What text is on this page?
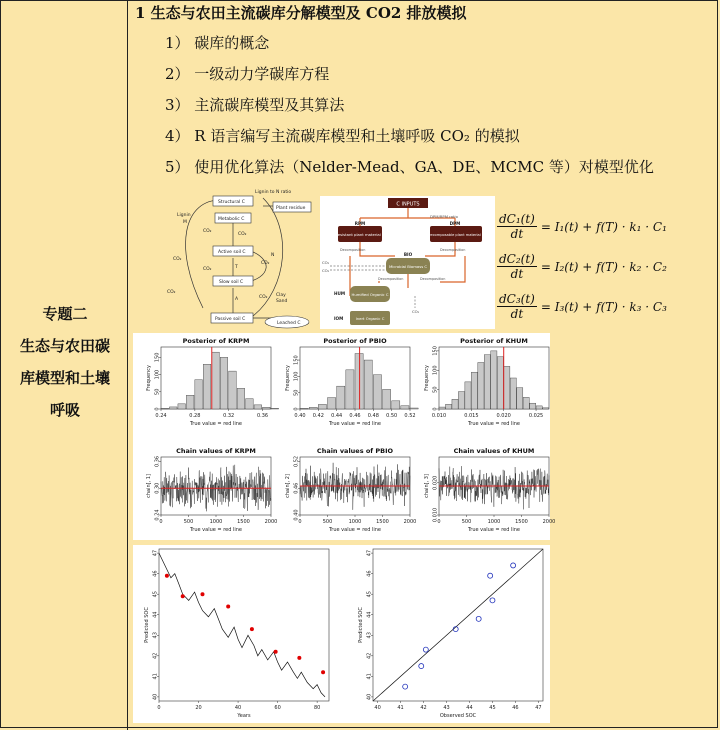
1 生态与农田主流碳库分解模型及 CO2 排放模拟
专题二
生态与农田碳
库模型和土壤
呼吸
1） 碳库的概念
2） 一级动力学碳库方程
3） 主流碳库模型及其算法
4） R 语言编写主流碳库模型和土壤呼吸 CO₂ 的模拟
5） 使用优化算法（Nelder-Mead、GA、DE、MCMC 等）对模型优化
Lignin to N ratio
Structural C
Plant residue
Metabolic C
Active soil C
Slow soil C
Passive soil C
Leached C
Lignin
CO₂
CO₂
CO₂
CO₂
CO₂
CO₂
CO₂
M
N
T
A
Clay
Sand
C INPUTS
DPM/RPM ratio
RPM
Resistant plant material C
DPM
Decomposable plant material C
BIO
Microbial Biomass C
HUM Humified Organic C
IOM	Inert Organic C
Decomposition	Decomposition
Decomposition	Decomposition
CO₂
CO₂
CO₂
$\frac{\text{dC₁(t)}}{dt} = I_1(t) + f(T) \cdot k_1 \cdot C_1$
$\frac{\text{dC₂(t)}}{dt} = I_2(t) + f(T) \cdot k_2 \cdot C_2$
$\frac{\text{dC₃(t)}}{dt} = I_3(t) + f(T) \cdot k_3 \cdot C_3$
Posterior of KRPM
0.24	0.28	0.32	0.36
0
50
100
150
True value = red line
Frequency
Posterior of PBIO
0.40 0.42 0.44 0.46 0.48 0.50 0.52
0
50
100
150
True value = red line
Frequency
Posterior of KHUM
0.010	0.015	0.020	0.025
0
50
100
150
True value = red line
Frequency
Chain values of KRPM
0	500	1000	1500	2000
0.24
0.30
0.36
True value = red line
chain[, 1]
Chain values of PBIO
0	500	1000	1500	2000
0.40
0.46
0.52
True value = red line
chain[, 2]
Chain values of KHUM
0	500	1000	1500	2000
0.010
0.020
True value = red line
chain[, 3]
0	20	40	60	80
40
41
42
43
44
45
46
47
Years
Predicted SOC
40	41	42	43	44	45	46	47
40
41
42
43
44
45
46
47
Observed SOC
Predicted SOC
